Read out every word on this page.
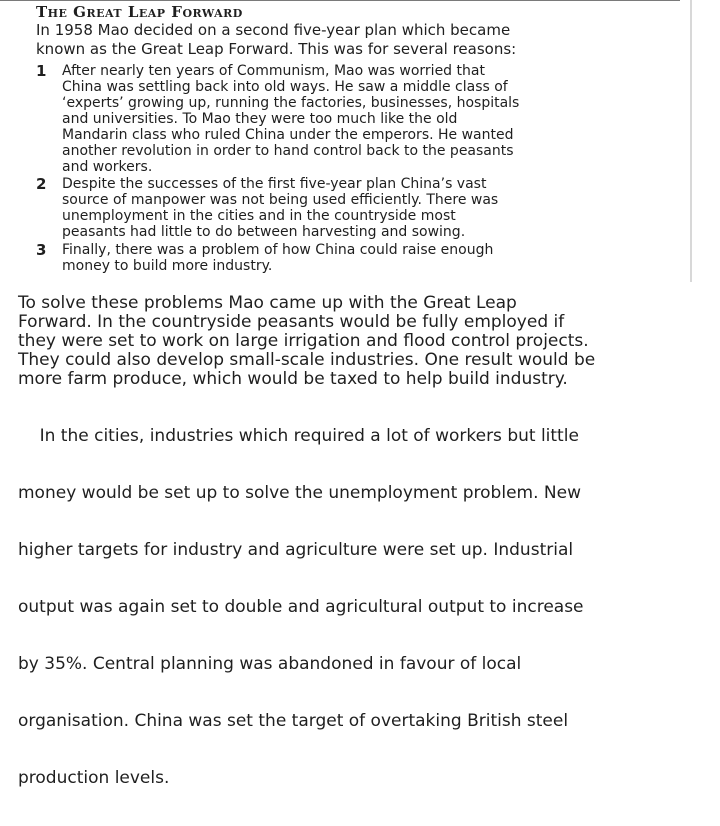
The Great Leap Forward
In 1958 Mao decided on a second five-year plan which became
known as the Great Leap Forward. This was for several reasons:
1 After nearly ten years of Communism, Mao was worried that
China was settling back into old ways. He saw a middle class of
‘experts’ growing up, running the factories, businesses, hospitals
and universities. To Mao they were too much like the old
Mandarin class who ruled China under the emperors. He wanted
another revolution in order to hand control back to the peasants
and workers.
2 Despite the successes of the first five-year plan China’s vast
source of manpower was not being used efficiently. There was
unemployment in the cities and in the countryside most
peasants had little to do between harvesting and sowing.
3 Finally, there was a problem of how China could raise enough
money to build more industry.
To solve these problems Mao came up with the Great Leap
Forward. In the countryside peasants would be fully employed if
they were set to work on large irrigation and flood control projects.
They could also develop small-scale industries. One result would be
more farm produce, which would be taxed to help build industry.

In the cities, industries which required a lot of workers but little

money would be set up to solve the unemployment problem. New

higher targets for industry and agriculture were set up. Industrial

output was again set to double and agricultural output to increase

by 35%. Central planning was abandoned in favour of local

organisation. China was set the target of overtaking British steel

production levels.
